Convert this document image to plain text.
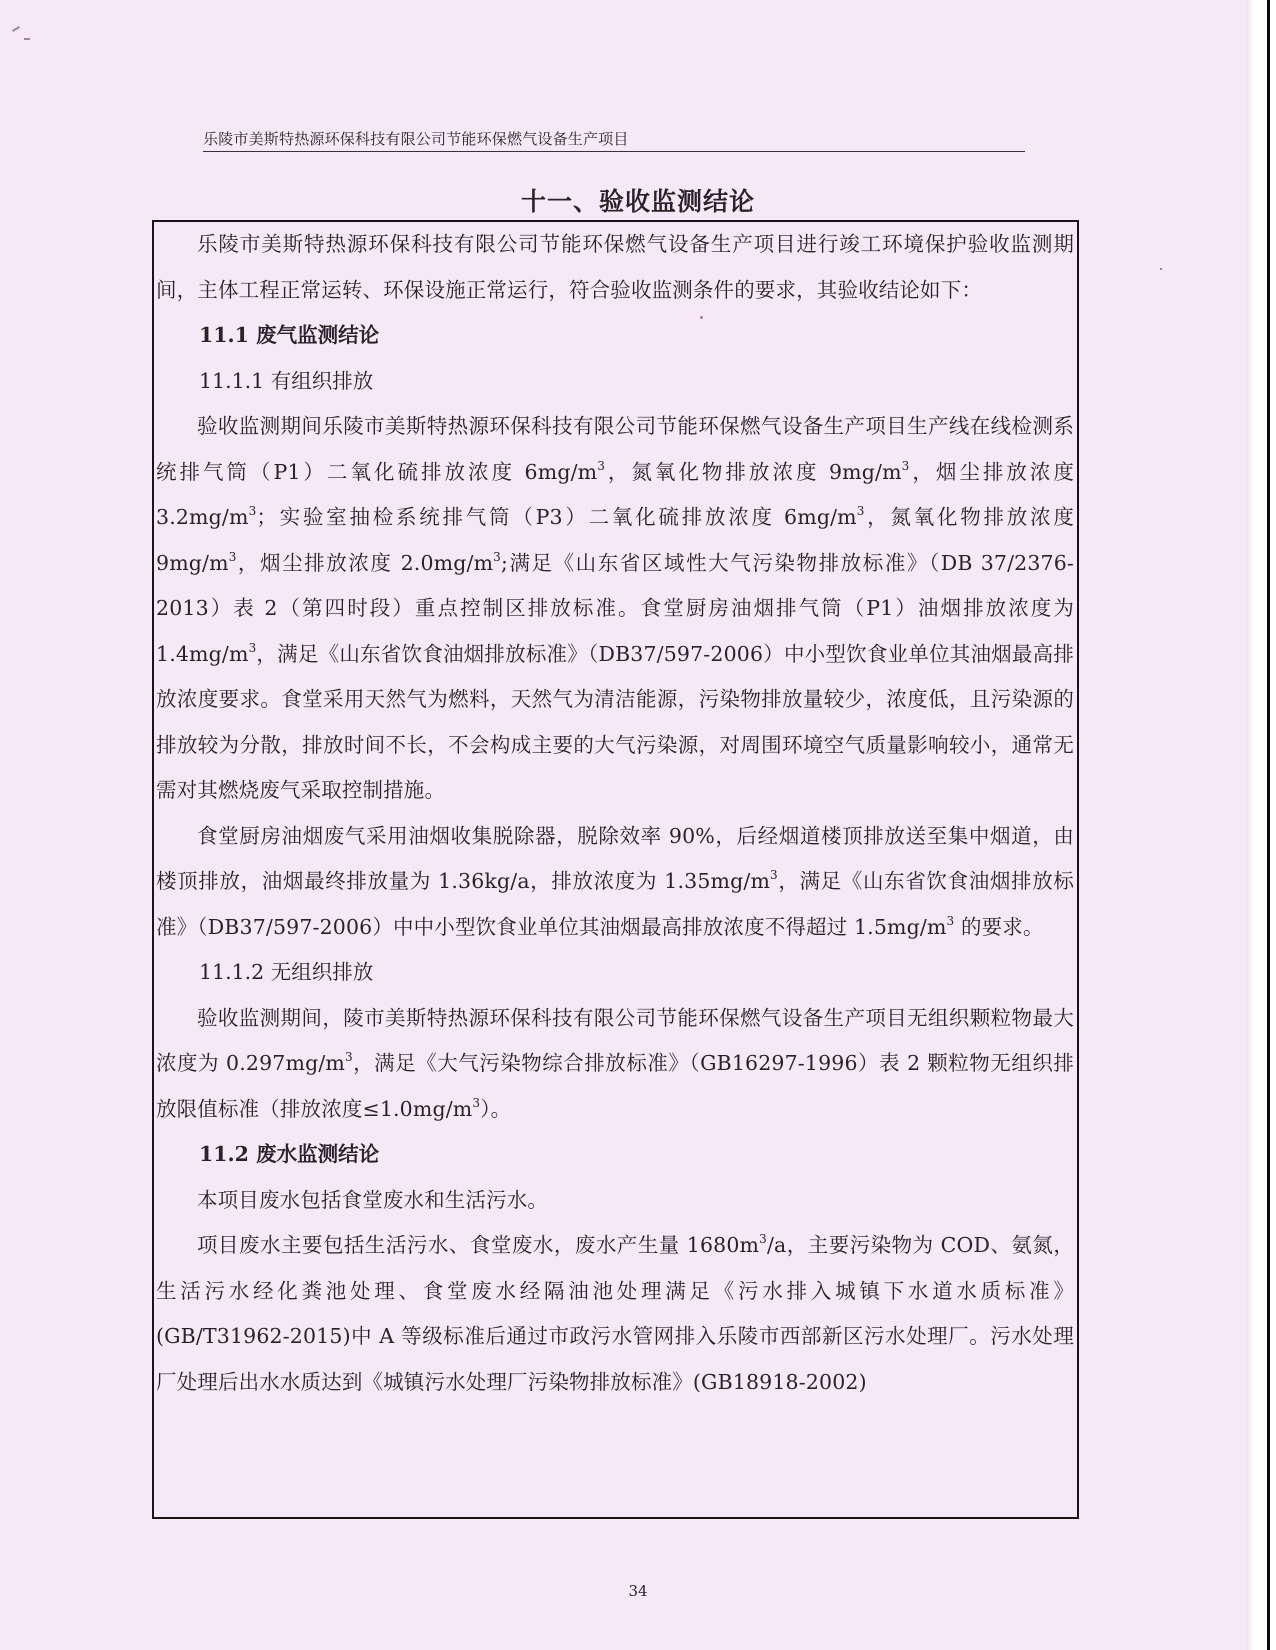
乐陵市美斯特热源环保科技有限公司节能环保燃气设备生产项目
十一、验收监测结论

乐陵市美斯特热源环保科技有限公司节能环保燃气设备生产项目进行竣工环境保护验收监测期间，主体工程正常运转、环保设施正常运行，符合验收监测条件的要求，其验收结论如下：

11.1 废气监测结论

11.1.1 有组织排放

验收监测期间乐陵市美斯特热源环保科技有限公司节能环保燃气设备生产项目生产线在线检测系统排气筒（P1）二氧化硫排放浓度 $6mg/m^3$，氮氧化物排放浓度 $9mg/m^3$，烟尘排放浓度 $3.2mg/m^3$；实验室抽检系统排气筒（P3）二氧化硫排放浓度 $6mg/m^3$，氮氧化物排放浓度 $9mg/m^3$，烟尘排放浓度 $2.0mg/m^3$;满足《山东省区域性大气污染物排放标准》（DB 37/2376-2013）表 2（第四时段）重点控制区排放标准。食堂厨房油烟排气筒（P1）油烟排放浓度为 $1.4mg/m^3$，满足《山东省饮食油烟排放标准》（DB37/597-2006）中小型饮食业单位其油烟最高排放浓度要求。食堂采用天然气为燃料，天然气为清洁能源，污染物排放量较少，浓度低，且污染源的排放较为分散，排放时间不长，不会构成主要的大气污染源，对周围环境空气质量影响较小，通常无需对其燃烧废气采取控制措施。

食堂厨房油烟废气采用油烟收集脱除器，脱除效率 90%，后经烟道楼顶排放送至集中烟道，由楼顶排放，油烟最终排放量为 1.36kg/a，排放浓度为 $1.35mg/m^3$，满足《山东省饮食油烟排放标准》（DB37/597-2006）中中小型饮食业单位其油烟最高排放浓度不得超过 $1.5mg/m^3$ 的要求。

11.1.2 无组织排放

验收监测期间，陵市美斯特热源环保科技有限公司节能环保燃气设备生产项目无组织颗粒物最大浓度为 $0.297mg/m^3$，满足《大气污染物综合排放标准》（GB16297-1996）表 2 颗粒物无组织排放限值标准（排放浓度$\le 1.0mg/m^3$）。

11.2 废水监测结论

本项目废水包括食堂废水和生活污水。

项目废水主要包括生活污水、食堂废水，废水产生量 $1680m^3/a$，主要污染物为 COD、氨氮，生活污水经化粪池处理、食堂废水经隔油池处理满足《污水排入城镇下水道水质标准》(GB/T31962-2015)中 A 等级标准后通过市政污水管网排入乐陵市西部新区污水处理厂。污水处理厂处理后出水水质达到《城镇污水处理厂污染物排放标准》(GB18918-2002)

34
